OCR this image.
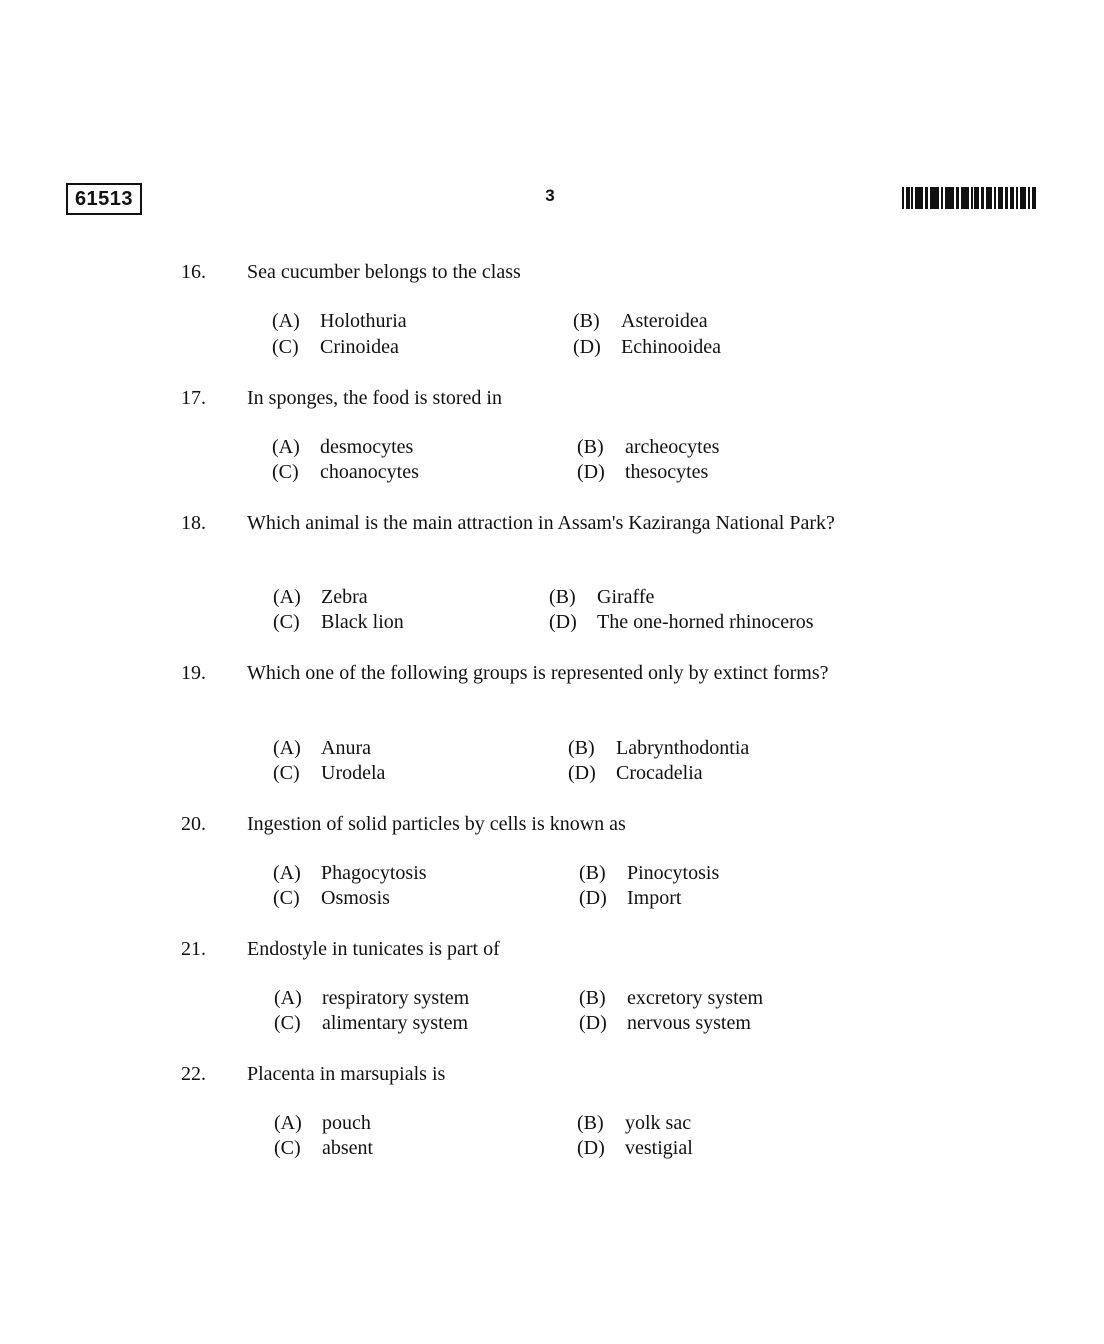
61513	3
16. Sea cucumber belongs to the class
(A) Holothuria	(B) Asteroidea
(C) Crinoidea	(D) Echinooidea
17. In sponges, the food is stored in
(A) desmocytes	(B) archeocytes
(C) choanocytes	(D) thesocytes
18. Which animal is the main attraction in Assam's Kaziranga National Park?
(A) Zebra	(B) Giraffe
(C) Black lion	(D) The one-horned rhinoceros
19. Which one of the following groups is represented only by extinct forms?
(A) Anura	(B) Labrynthodontia
(C) Urodela	(D) Crocadelia
20. Ingestion of solid particles by cells is known as
(A) Phagocytosis	(B) Pinocytosis
(C) Osmosis	(D) Import
21. Endostyle in tunicates is part of
(A) respiratory system	(B) excretory system
(C) alimentary system	(D) nervous system
22. Placenta in marsupials is
(A) pouch	(B) yolk sac
(C) absent	(D) vestigial
